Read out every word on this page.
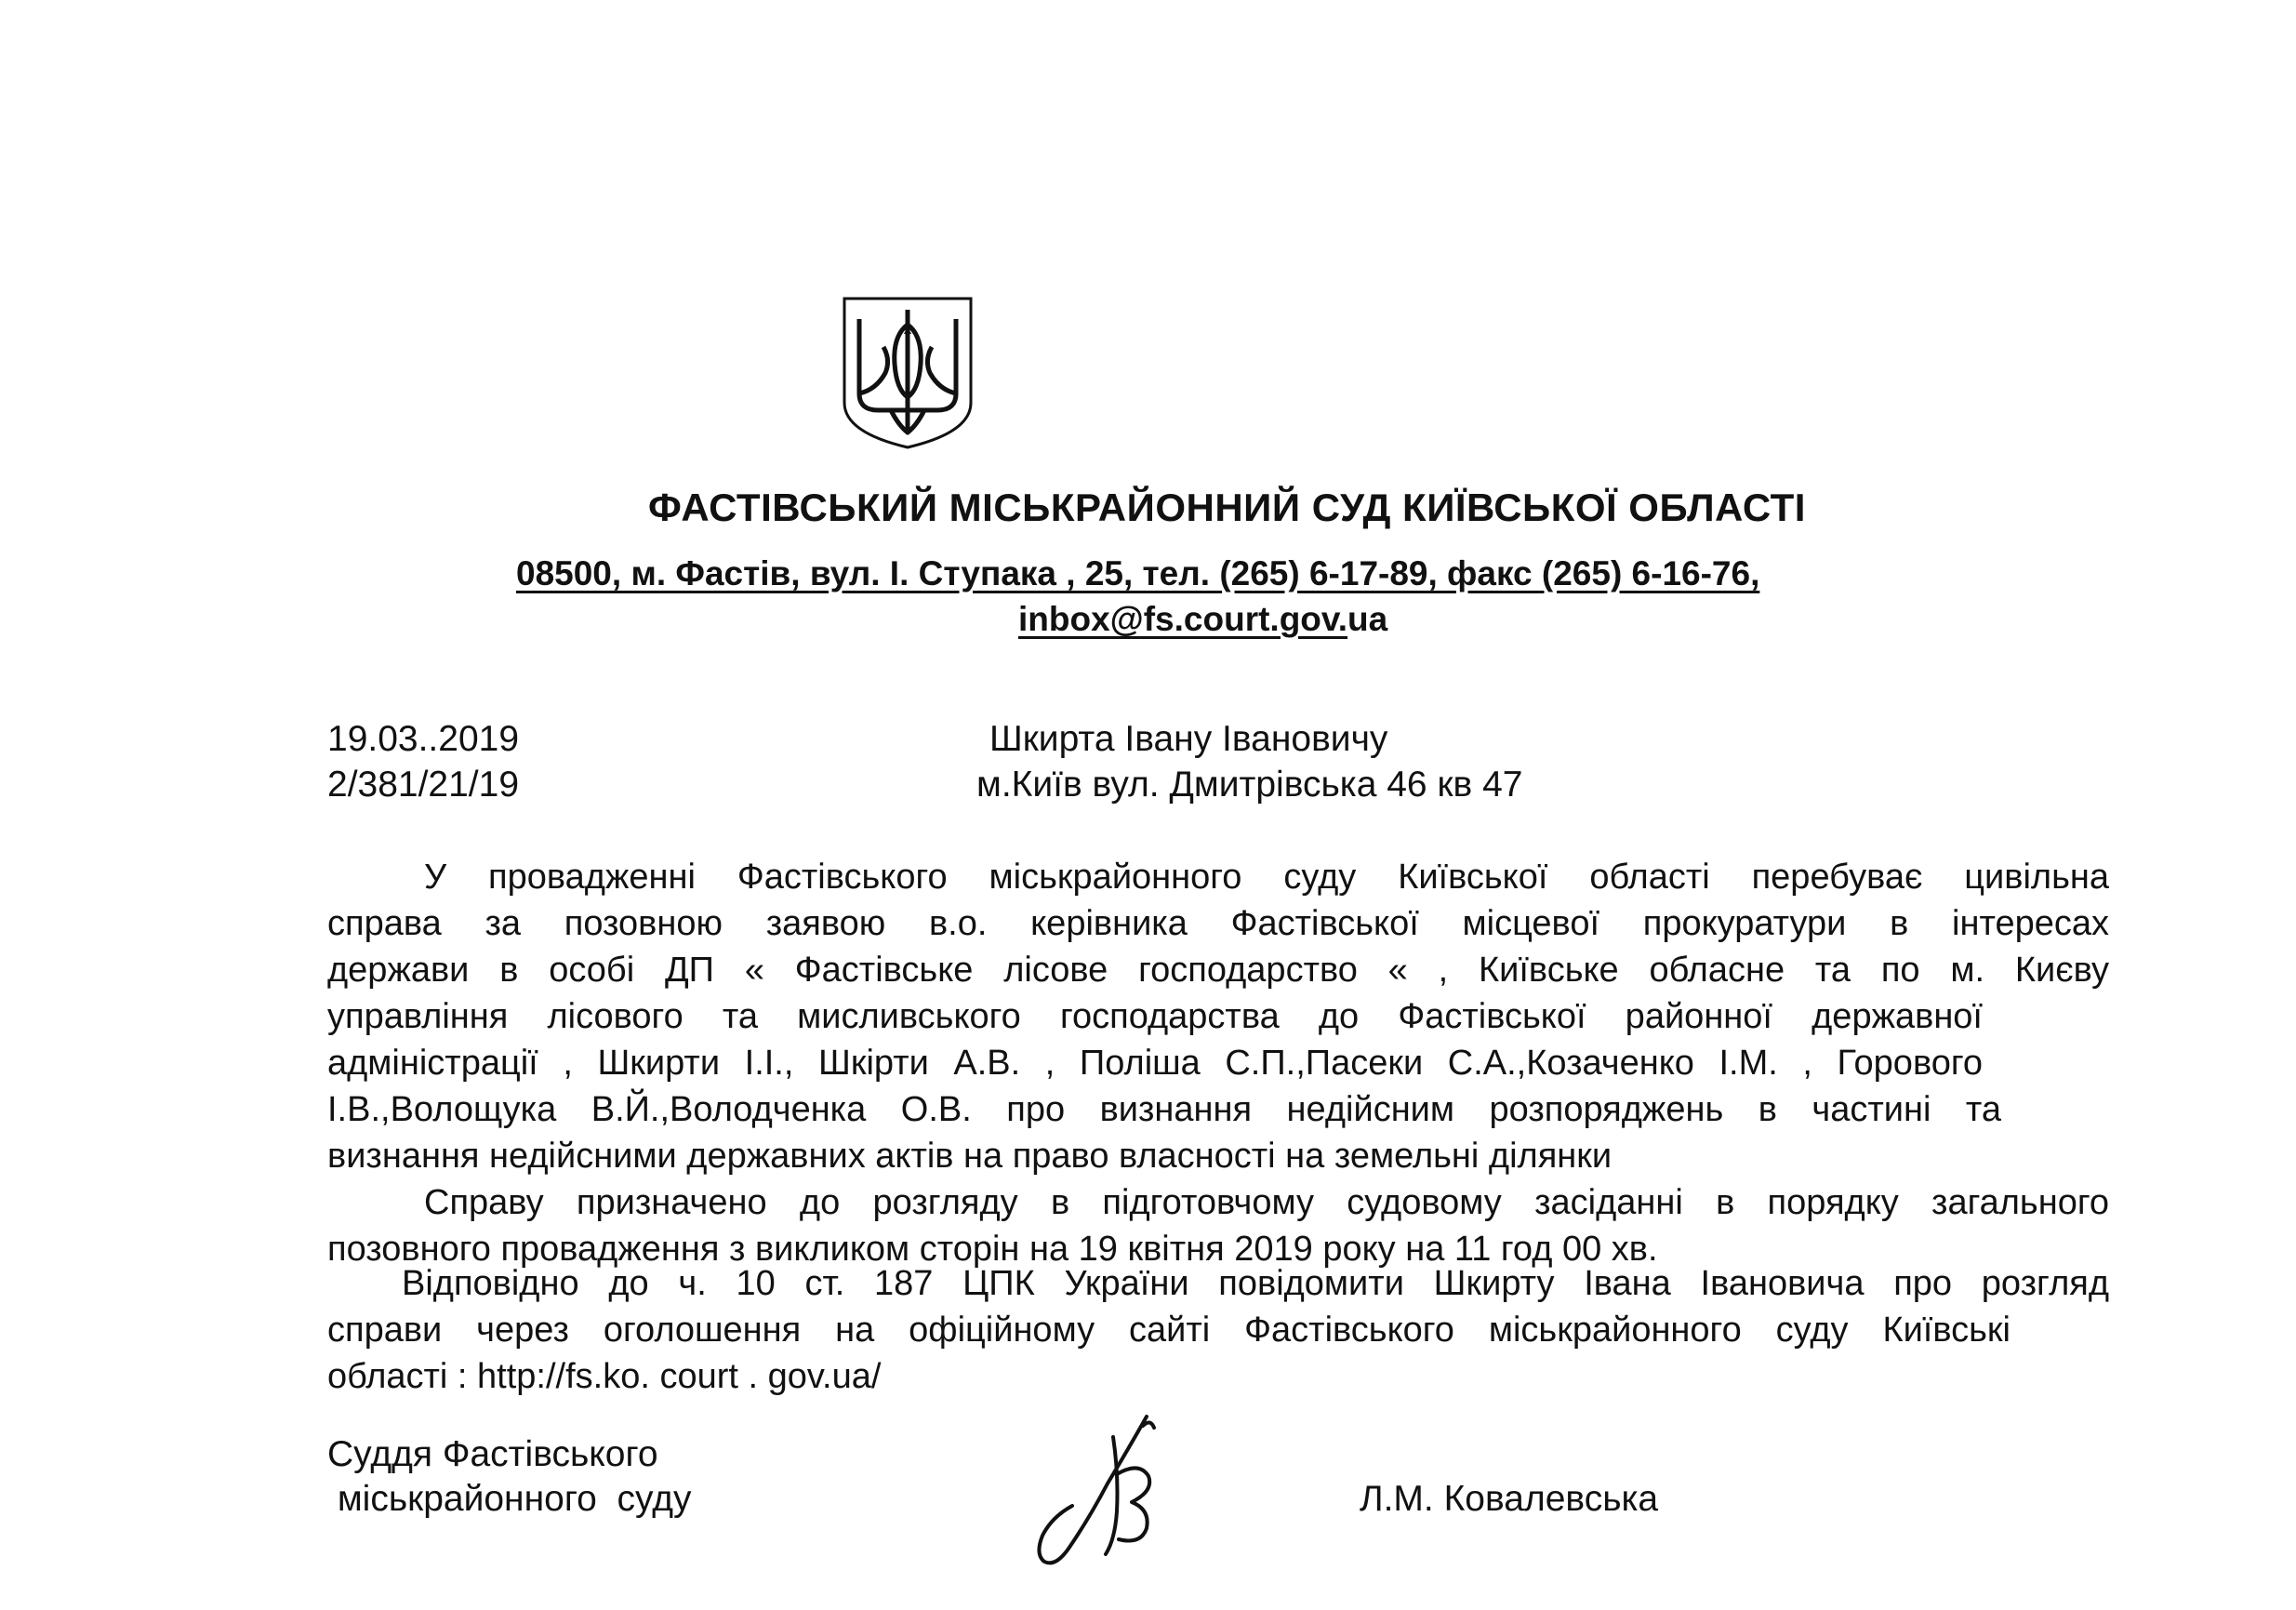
ФАСТІВСЬКИЙ МІСЬКРАЙОННИЙ СУД КИЇВСЬКОЇ ОБЛАСТІ
08500, м. Фастів, вул. І. Ступака , 25, тел. (265) 6-17-89, факс (265) 6-16-76,
inbox@fs.court.gov.ua
19.03..2019
2/381/21/19
Шкирта Івану Івановичу
м.Київ вул. Дмитрівська 46 кв 47
У провадженні Фастівського міськрайонного суду Київської області перебуває цивільна
справа за позовною заявою в.о. керівника Фастівської місцевої прокуратури в інтересах
держави в особі ДП « Фастівське лісове господарство « , Київське обласне та по м. Києву
управління лісового та мисливського господарства до Фастівської районної державної
адміністрації , Шкирти І.І., Шкірти А.В. , Поліша С.П.,Пасеки С.А.,Козаченко І.М. , Горового
І.В.,Волощука В.Й.,Володченка О.В. про визнання недійсним розпоряджень в частині та
визнання недійсними державних актів на право власності на земельні ділянки
Справу призначено до розгляду в підготовчому судовому засіданні в порядку загального
позовного провадження з викликом сторін на 19 квітня 2019 року на 11 год 00 хв.
Відповідно до ч. 10 ст. 187 ЦПК України повідомити Шкирту Івана Івановича про розгляд
справи через оголошення на офіційному сайті Фастівського міськрайонного суду Київські
області : http://fs.ko. court . gov.ua/
Суддя Фастівського
міськрайонного  суду	Л.М. Ковалевська
